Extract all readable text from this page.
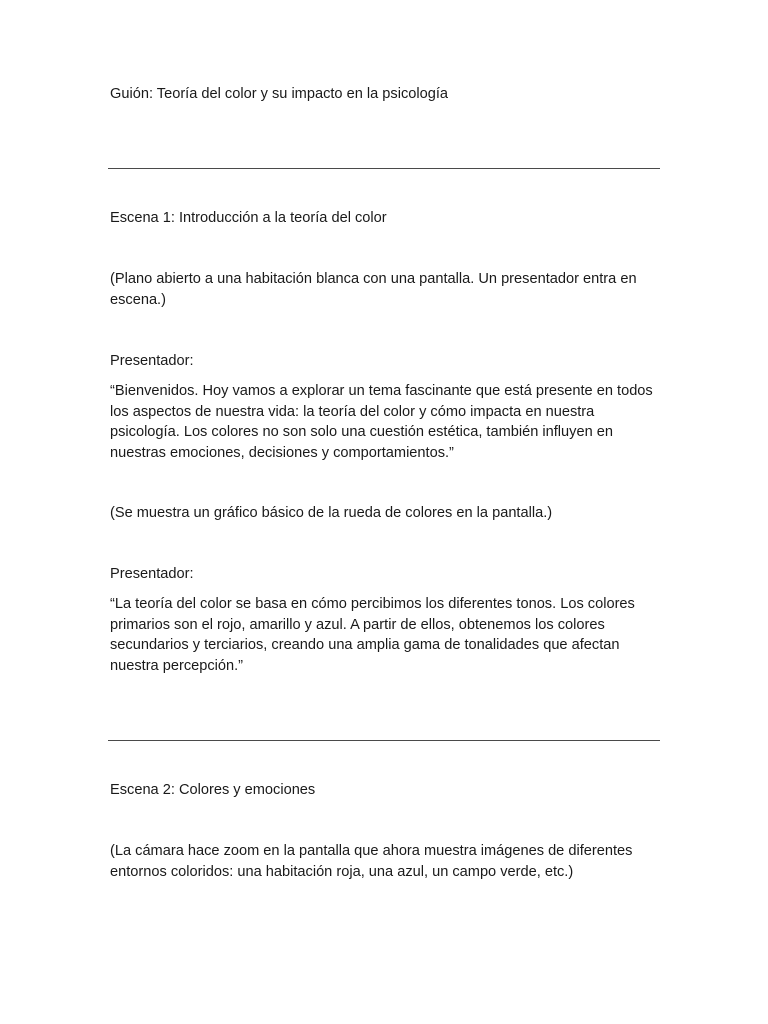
Guión: Teoría del color y su impacto en la psicología
Escena 1: Introducción a la teoría del color

(Plano abierto a una habitación blanca con una pantalla. Un presentador entra en escena.)

Presentador:

“Bienvenidos. Hoy vamos a explorar un tema fascinante que está presente en todos los aspectos de nuestra vida: la teoría del color y cómo impacta en nuestra psicología. Los colores no son solo una cuestión estética, también influyen en nuestras emociones, decisiones y comportamientos.”

(Se muestra un gráfico básico de la rueda de colores en la pantalla.)

Presentador:

“La teoría del color se basa en cómo percibimos los diferentes tonos. Los colores primarios son el rojo, amarillo y azul. A partir de ellos, obtenemos los colores secundarios y terciarios, creando una amplia gama de tonalidades que afectan nuestra percepción.”

Escena 2: Colores y emociones

(La cámara hace zoom en la pantalla que ahora muestra imágenes de diferentes entornos coloridos: una habitación roja, una azul, un campo verde, etc.)
